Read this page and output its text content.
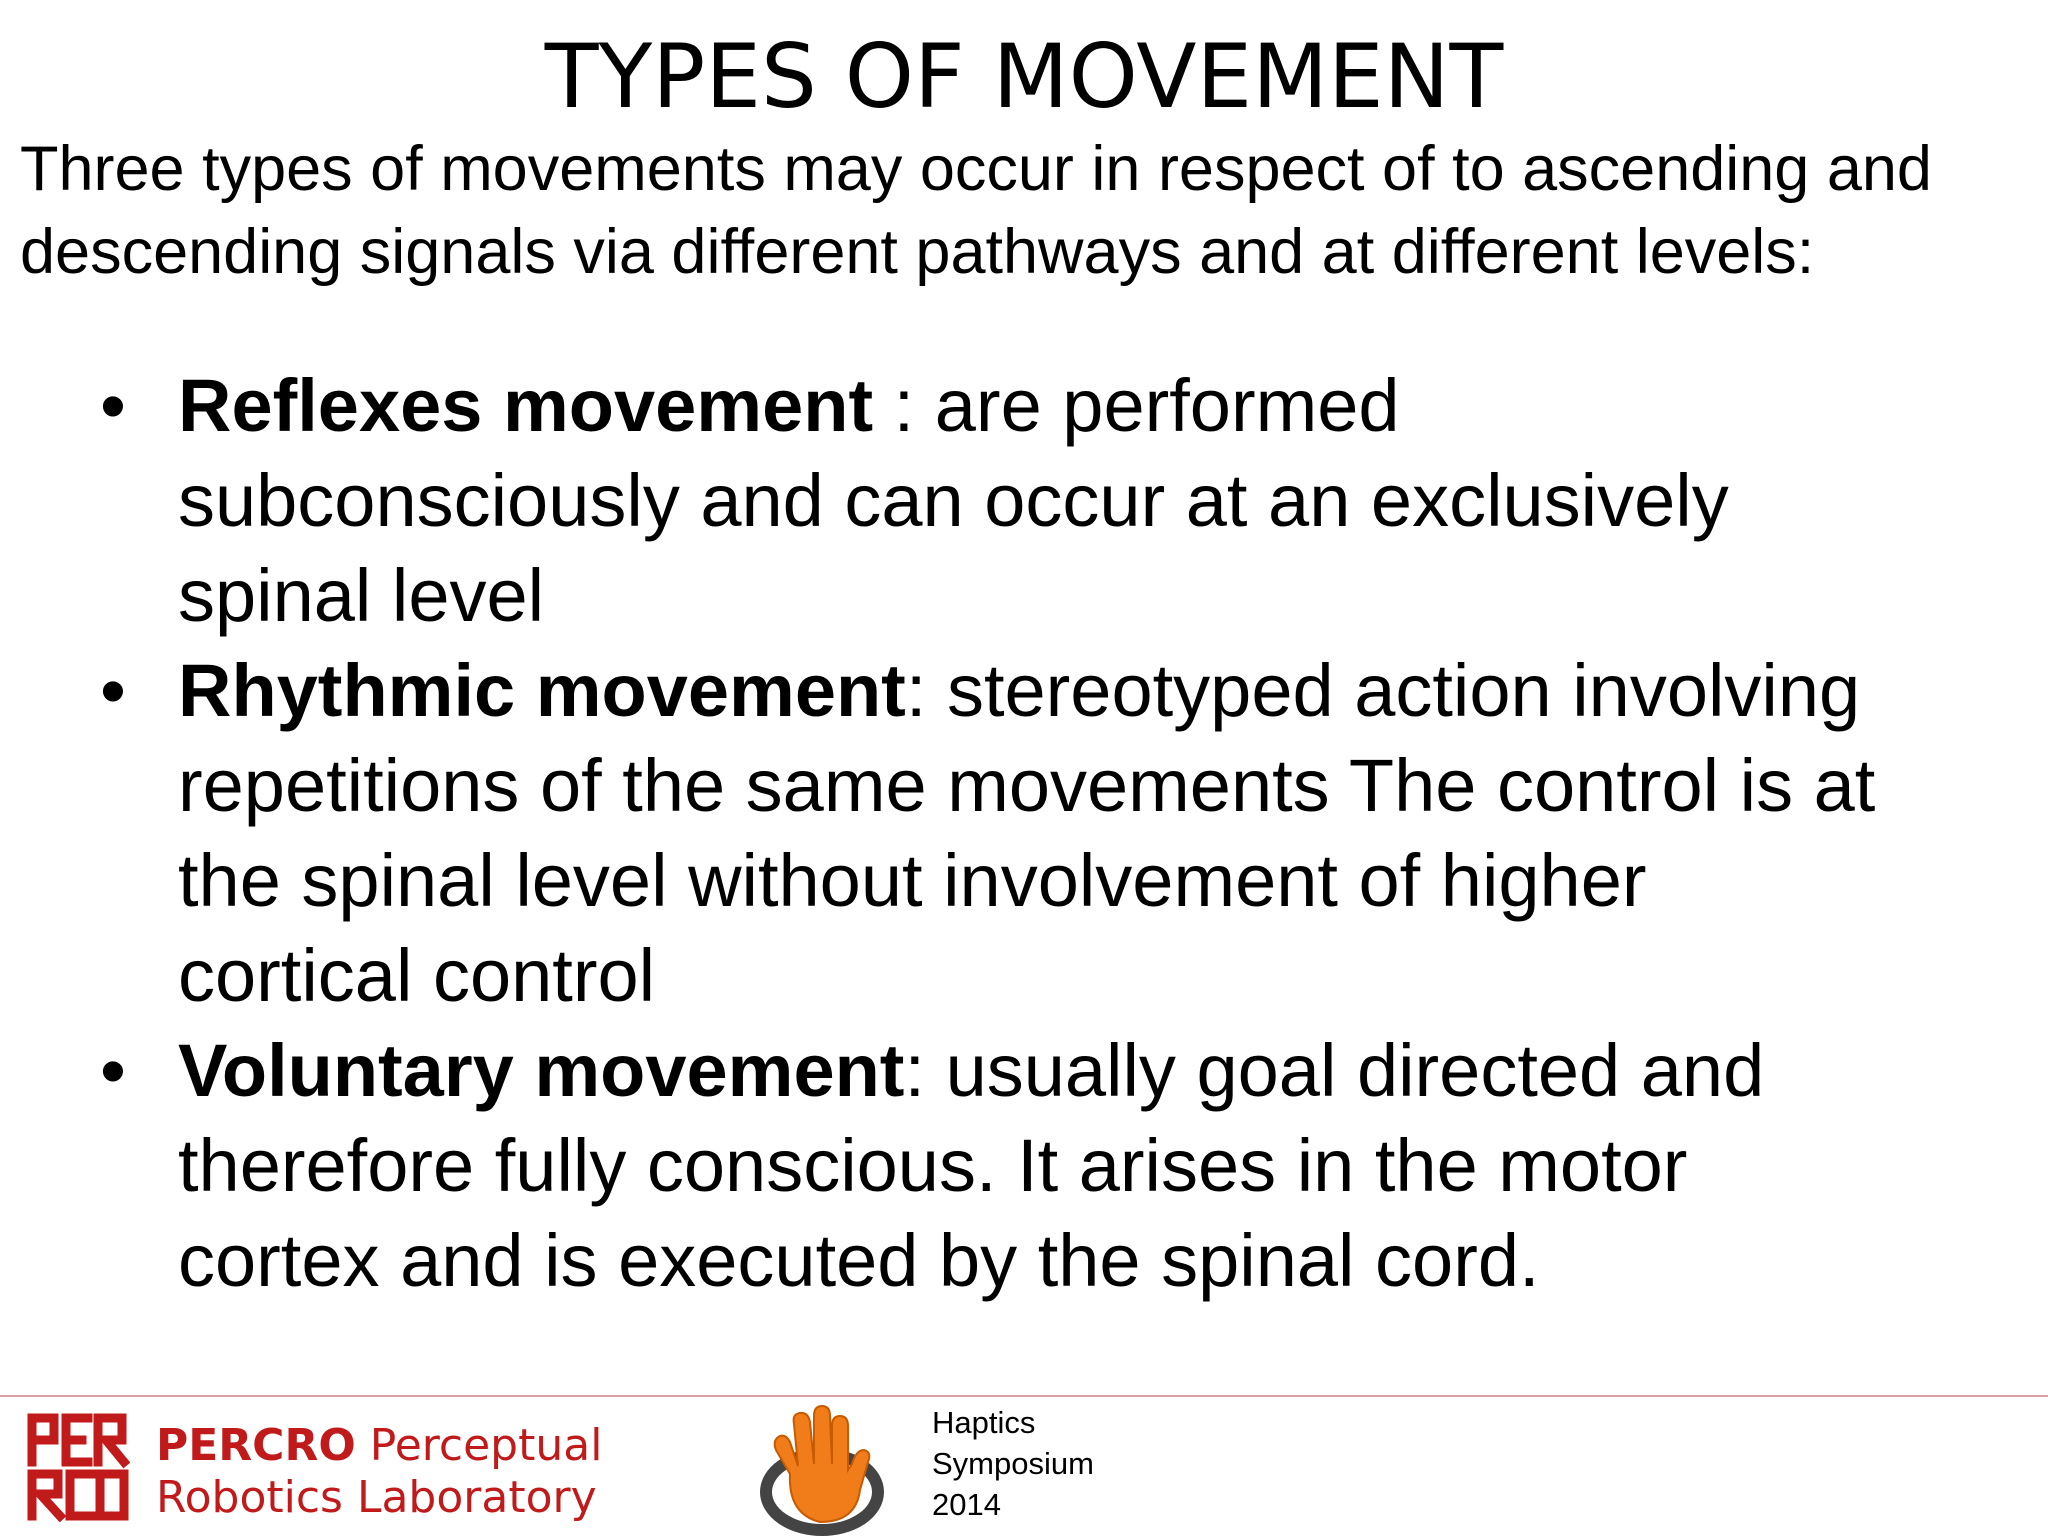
TYPES OF MOVEMENT

Three types of movements may occur in respect of to ascending and descending signals via different pathways and at different levels:

• Reflexes movement : are performed subconsciously and can occur at an exclusively spinal level
• Rhythmic movement: stereotyped action involving repetitions of the same movements The control is at the spinal level without involvement of higher cortical control
• Voluntary movement: usually goal directed and therefore fully conscious. It arises in the motor cortex and is executed by the spinal cord.
PERCRO Perceptual
Robotics Laboratory
Haptics
Symposium
2014
